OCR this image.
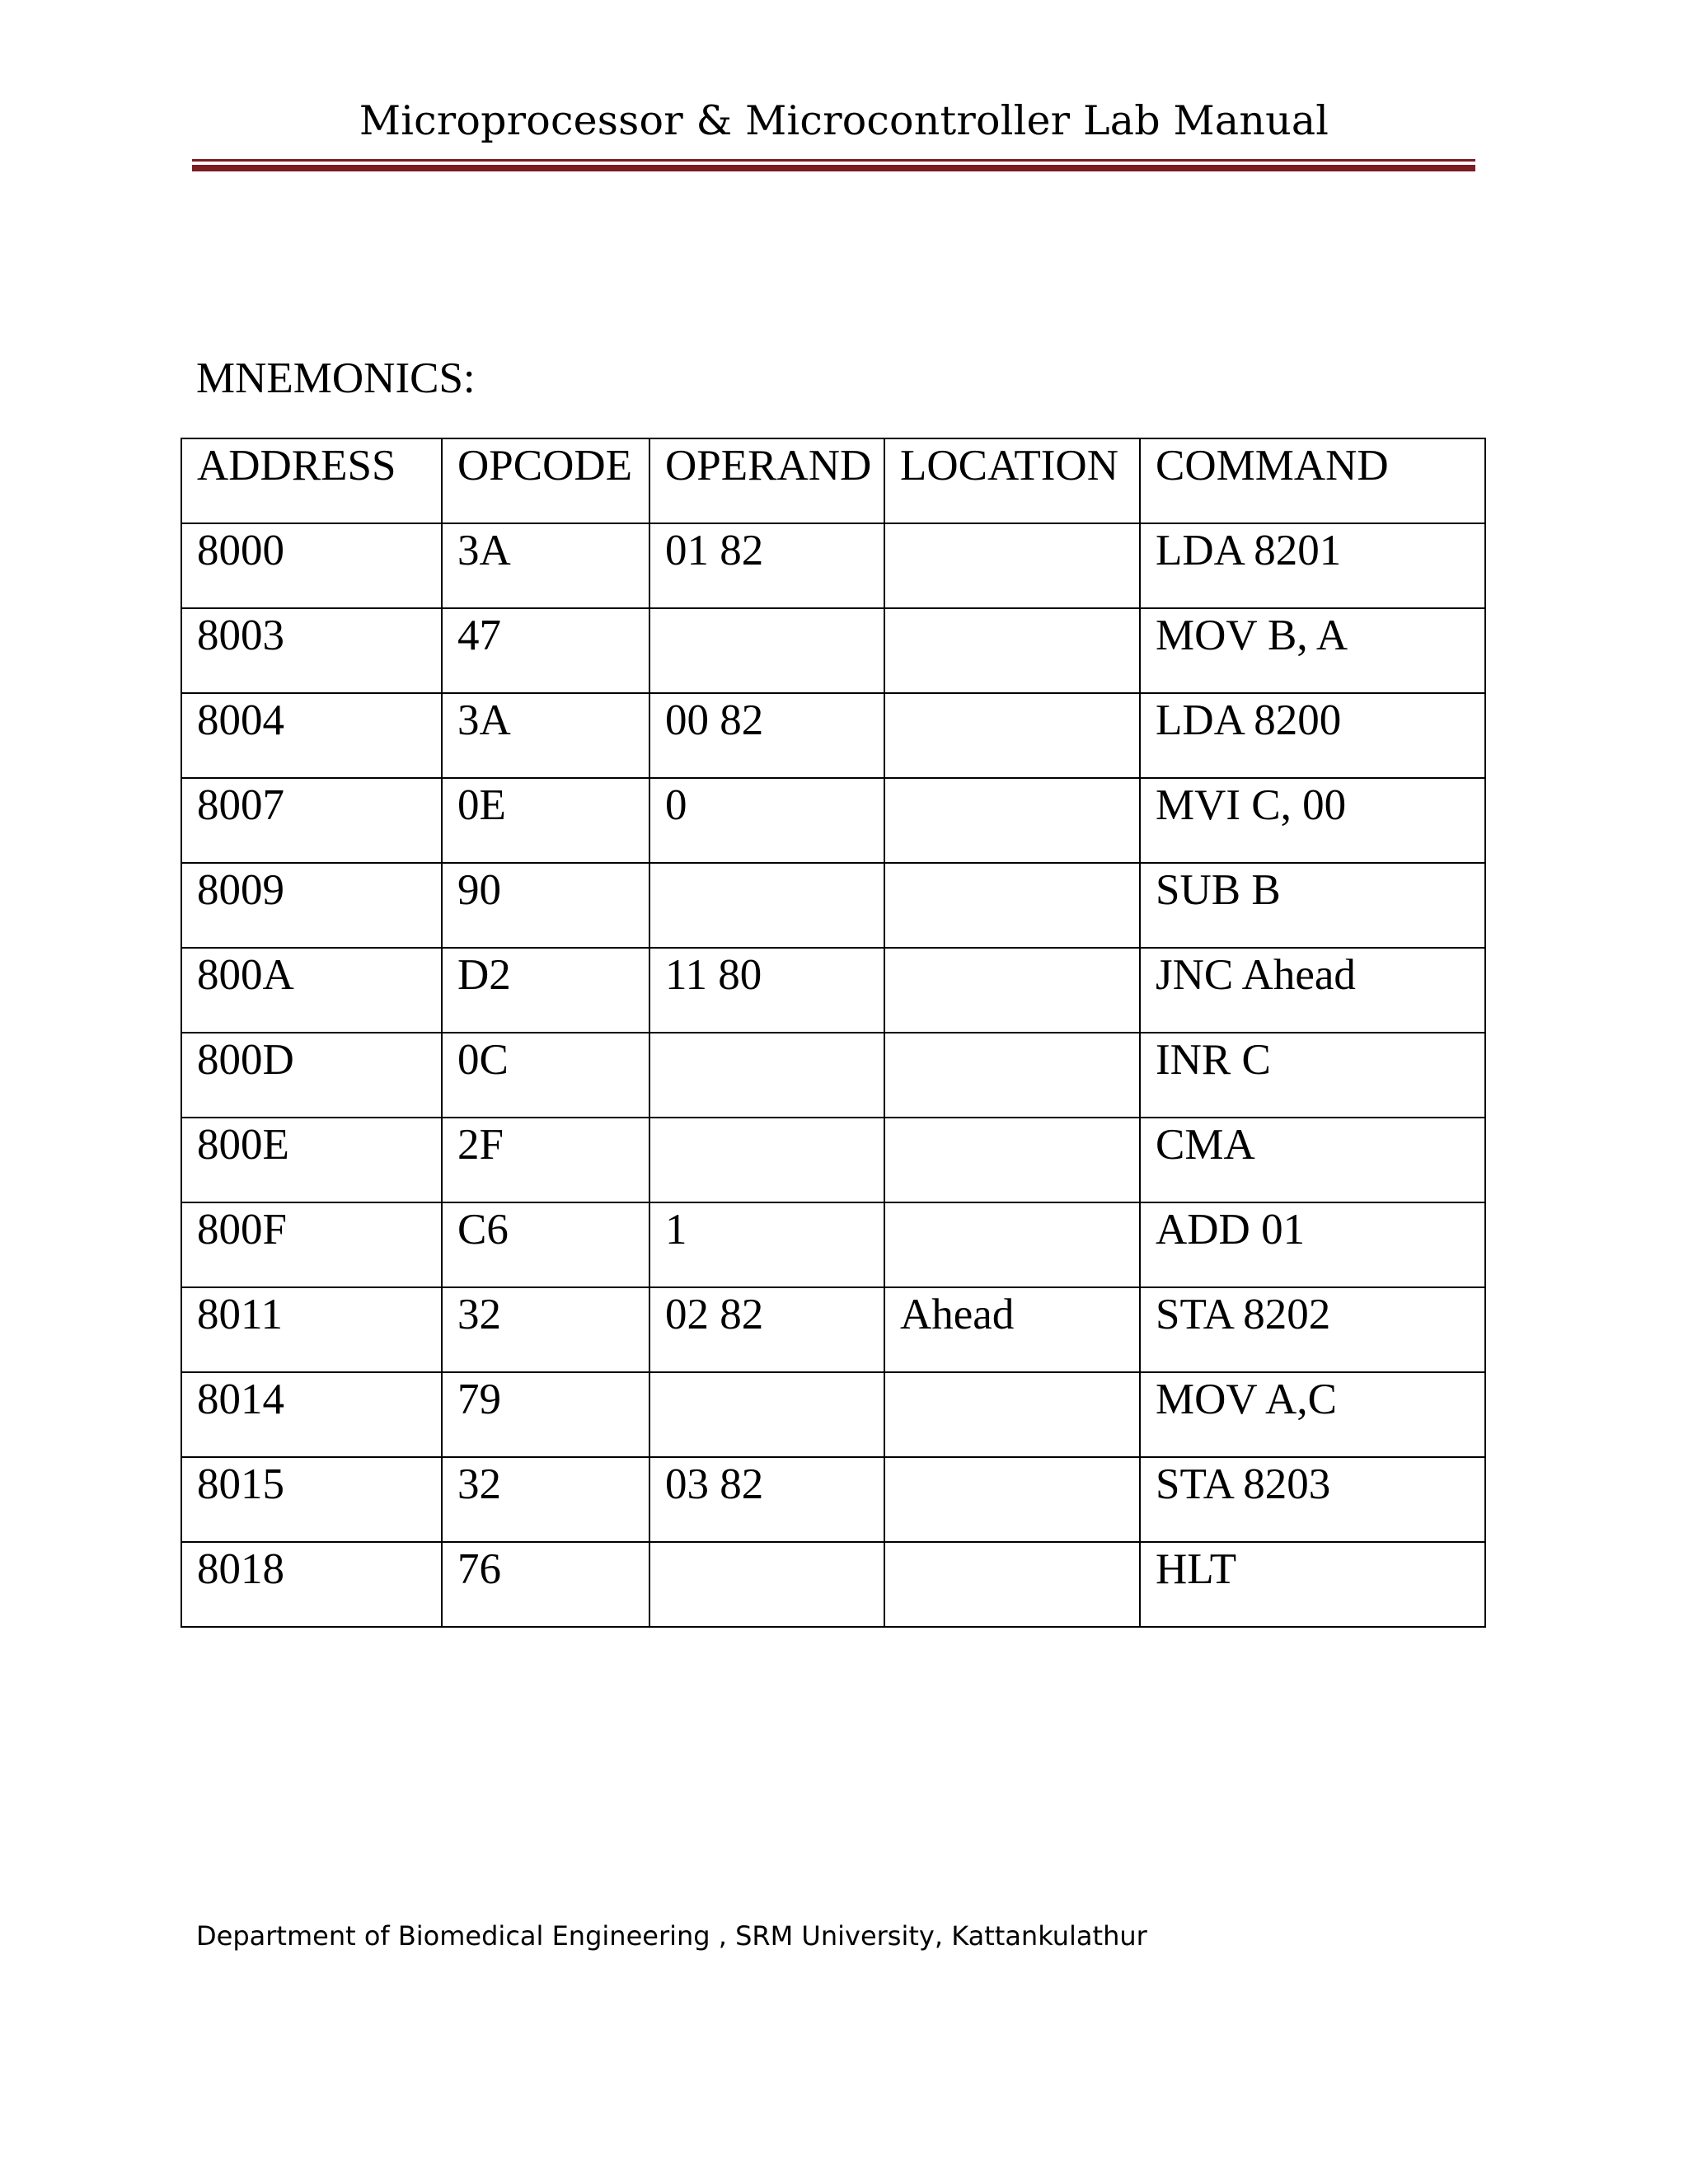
Microprocessor & Microcontroller Lab Manual
MNEMONICS:
ADDRESS	OPCODE	OPERAND	LOCATION	COMMAND

8000	3A	01 82		LDA 8201

8003	47			MOV B, A

8004	3A	00 82		LDA 8200

8007	0E	0		MVI C, 00

8009	90			SUB B

800A	D2	11 80		JNC Ahead

800D	0C			INR C

800E	2F			CMA

800F	C6	1		ADD 01

8011	32	02 82	Ahead	STA 8202

8014	79			MOV A,C

8015	32	03 82		STA 8203

8018	76			HLT
Department of Biomedical Engineering , SRM University, Kattankulathur
